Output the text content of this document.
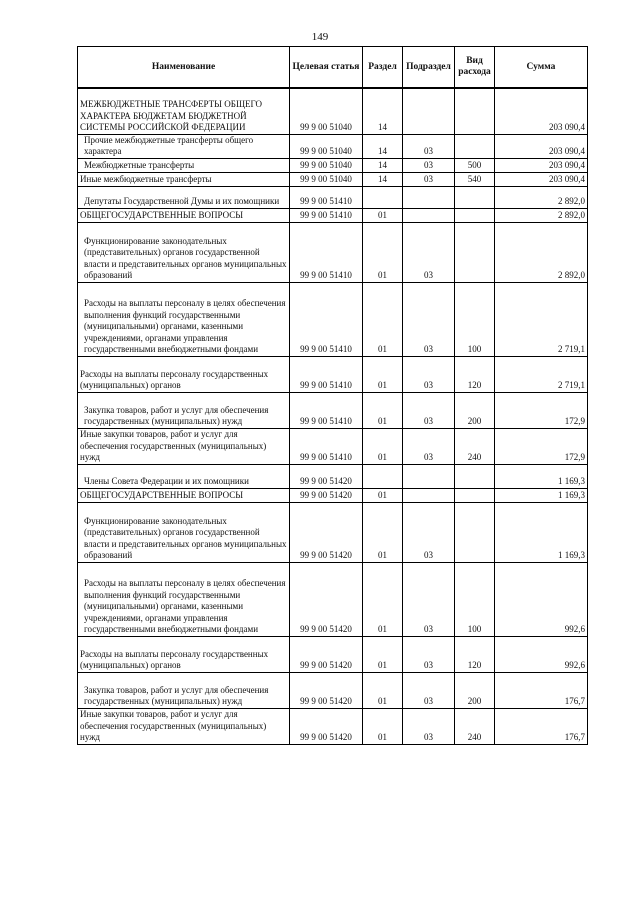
149
Наименование	Целевая статья	Раздел	Подраздел	Вид расхода	Сумма
МЕЖБЮДЖЕТНЫЕ ТРАНСФЕРТЫ ОБЩЕГО ХАРАКТЕРА БЮДЖЕТАМ БЮДЖЕТНОЙ СИСТЕМЫ РОССИЙСКОЙ ФЕДЕРАЦИИ	99 9 00 51040	14			203 090,4
Прочие межбюджетные трансферты общего характера	99 9 00 51040	14	03		203 090,4
Межбюджетные трансферты	99 9 00 51040	14	03	500	203 090,4
Иные межбюджетные трансферты	99 9 00 51040	14	03	540	203 090,4
Депутаты Государственной Думы и их помощники	99 9 00 51410				2 892,0
ОБЩЕГОСУДАРСТВЕННЫЕ ВОПРОСЫ	99 9 00 51410	01			2 892,0
Функционирование законодательных (представительных) органов государственной власти и представительных органов муниципальных образований	99 9 00 51410	01	03		2 892,0
Расходы на выплаты персоналу в целях обеспечения выполнения функций государственными (муниципальными) органами, казенными учреждениями, органами управления государственными внебюджетными фондами	99 9 00 51410	01	03	100	2 719,1
Расходы на выплаты персоналу государственных (муниципальных) органов	99 9 00 51410	01	03	120	2 719,1
Закупка товаров, работ и услуг для обеспечения государственных (муниципальных) нужд	99 9 00 51410	01	03	200	172,9
Иные закупки товаров, работ и услуг для обеспечения государственных (муниципальных) нужд	99 9 00 51410	01	03	240	172,9
Члены Совета Федерации и их помощники	99 9 00 51420				1 169,3
ОБЩЕГОСУДАРСТВЕННЫЕ ВОПРОСЫ	99 9 00 51420	01			1 169,3
Функционирование законодательных (представительных) органов государственной власти и представительных органов муниципальных образований	99 9 00 51420	01	03		1 169,3
Расходы на выплаты персоналу в целях обеспечения выполнения функций государственными (муниципальными) органами, казенными учреждениями, органами управления государственными внебюджетными фондами	99 9 00 51420	01	03	100	992,6
Расходы на выплаты персоналу государственных (муниципальных) органов	99 9 00 51420	01	03	120	992,6
Закупка товаров, работ и услуг для обеспечения государственных (муниципальных) нужд	99 9 00 51420	01	03	200	176,7
Иные закупки товаров, работ и услуг для обеспечения государственных (муниципальных) нужд	99 9 00 51420	01	03	240	176,7
